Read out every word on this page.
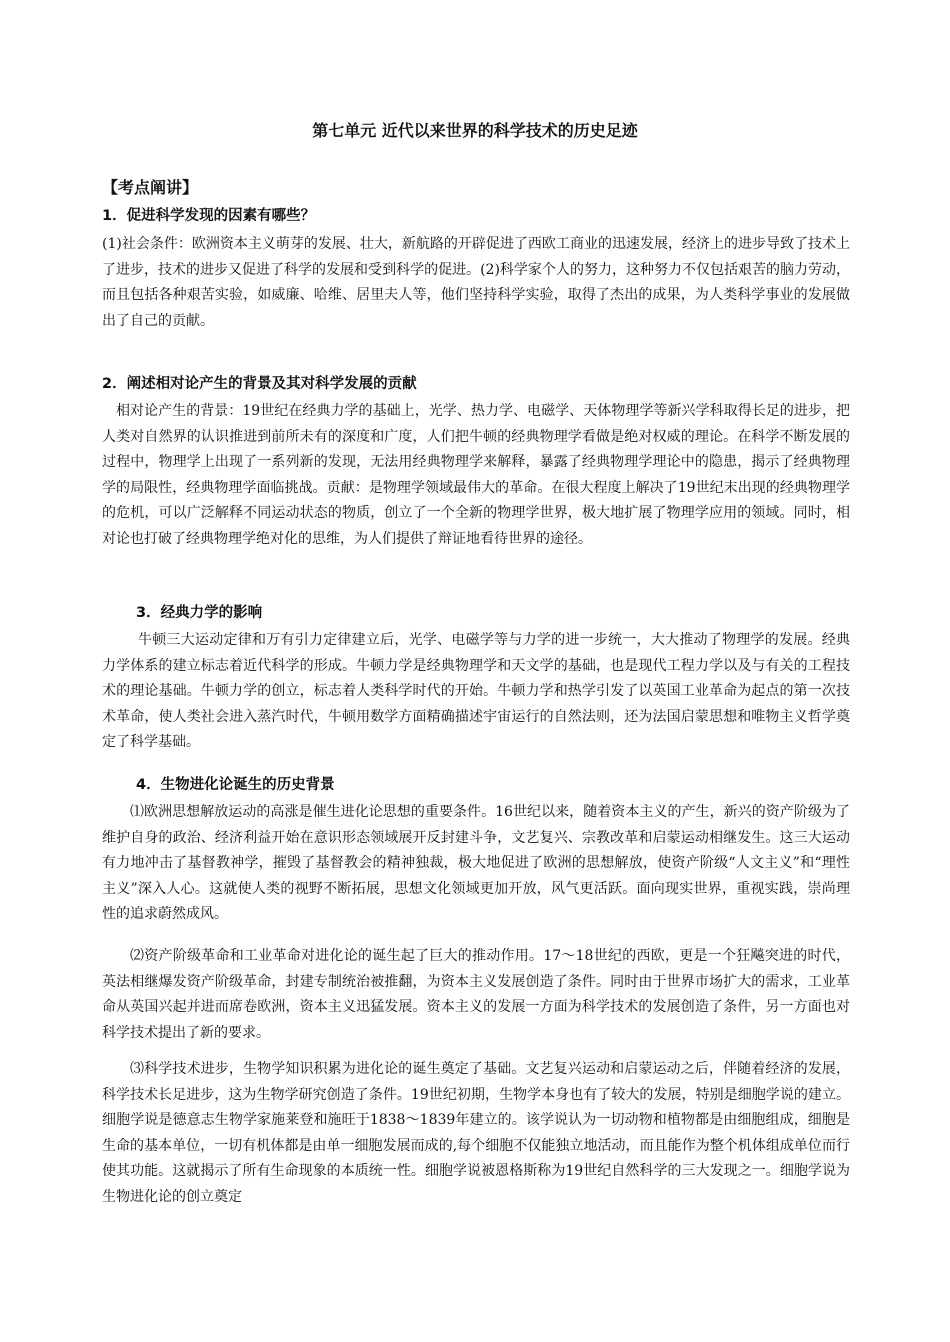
第七单元 近代以来世界的科学技术的历史足迹
【考点阐讲】
1．促进科学发现的因素有哪些？
(1)社会条件：欧洲资本主义萌芽的发展、壮大，新航路的开辟促进了西欧工商业的迅速发展，经济上的进步导致了技术上了进步，技术的进步又促进了科学的发展和受到科学的促进。(2)科学家个人的努力，这种努力不仅包括艰苦的脑力劳动，而且包括各种艰苦实验，如威廉、哈维、居里夫人等，他们坚持科学实验，取得了杰出的成果，为人类科学事业的发展做出了自己的贡献。
2．阐述相对论产生的背景及其对科学发展的贡献
相对论产生的背景：19世纪在经典力学的基础上，光学、热力学、电磁学、天体物理学等新兴学科取得长足的进步，把人类对自然界的认识推进到前所未有的深度和广度，人们把牛顿的经典物理学看做是绝对权威的理论。在科学不断发展的过程中，物理学上出现了一系列新的发现，无法用经典物理学来解释，暴露了经典物理学理论中的隐患，揭示了经典物理学的局限性，经典物理学面临挑战。贡献：是物理学领域最伟大的革命。在很大程度上解决了19世纪末出现的经典物理学的危机，可以广泛解释不同运动状态的物质，创立了一个全新的物理学世界，极大地扩展了物理学应用的领域。同时，相对论也打破了经典物理学绝对化的思维，为人们提供了辩证地看待世界的途径。
3．经典力学的影响
牛顿三大运动定律和万有引力定律建立后，光学、电磁学等与力学的进一步统一，大大推动了物理学的发展。经典力学体系的建立标志着近代科学的形成。牛顿力学是经典物理学和天文学的基础，也是现代工程力学以及与有关的工程技术的理论基础。牛顿力学的创立，标志着人类科学时代的开始。牛顿力学和热学引发了以英国工业革命为起点的第一次技术革命，使人类社会进入蒸汽时代，牛顿用数学方面精确描述宇宙运行的自然法则，还为法国启蒙思想和唯物主义哲学奠定了科学基础。
4．生物进化论诞生的历史背景
⑴欧洲思想解放运动的高涨是催生进化论思想的重要条件。16世纪以来，随着资本主义的产生，新兴的资产阶级为了维护自身的政治、经济利益开始在意识形态领域展开反封建斗争，文艺复兴、宗教改革和启蒙运动相继发生。这三大运动有力地冲击了基督教神学，摧毁了基督教会的精神独裁，极大地促进了欧洲的思想解放，使资产阶级“人文主义”和“理性主义”深入人心。这就使人类的视野不断拓展，思想文化领域更加开放，风气更活跃。面向现实世界，重视实践，崇尚理性的追求蔚然成风。
⑵资产阶级革命和工业革命对进化论的诞生起了巨大的推动作用。17～18世纪的西欧，更是一个狂飚突进的时代，英法相继爆发资产阶级革命，封建专制统治被推翻，为资本主义发展创造了条件。同时由于世界市场扩大的需求，工业革命从英国兴起并进而席卷欧洲，资本主义迅猛发展。资本主义的发展一方面为科学技术的发展创造了条件，另一方面也对科学技术提出了新的要求。
⑶科学技术进步，生物学知识积累为进化论的诞生奠定了基础。文艺复兴运动和启蒙运动之后，伴随着经济的发展，科学技术长足进步，这为生物学研究创造了条件。19世纪初期，生物学本身也有了较大的发展，特别是细胞学说的建立。细胞学说是德意志生物学家施莱登和施旺于1838～1839年建立的。该学说认为一切动物和植物都是由细胞组成，细胞是生命的基本单位，一切有机体都是由单一细胞发展而成的,每个细胞不仅能独立地活动，而且能作为整个机体组成单位而行使其功能。这就揭示了所有生命现象的本质统一性。细胞学说被恩格斯称为19世纪自然科学的三大发现之一。细胞学说为生物进化论的创立奠定
